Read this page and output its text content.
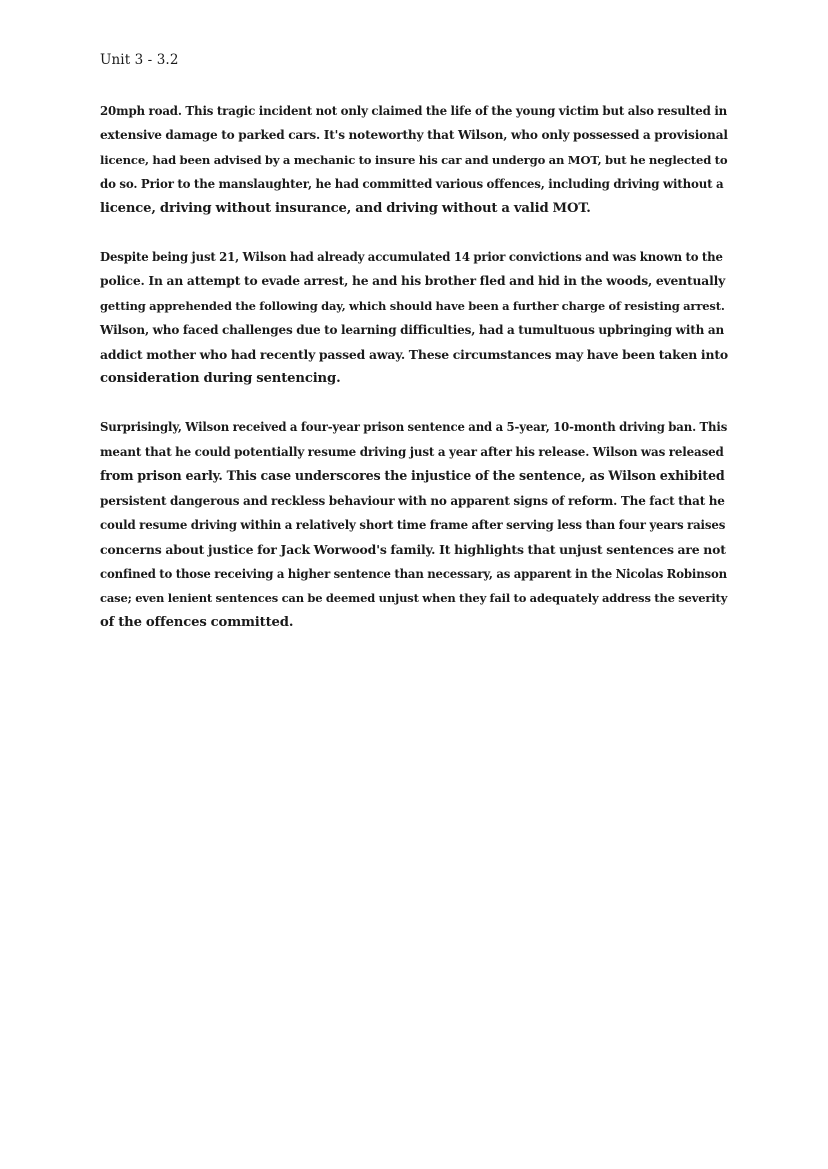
Unit 3 - 3.2

20mph road. This tragic incident not only claimed the life of the young victim but also resulted in
extensive damage to parked cars. It's noteworthy that Wilson, who only possessed a provisional
licence, had been advised by a mechanic to insure his car and undergo an MOT, but he neglected to
do so. Prior to the manslaughter, he had committed various offences, including driving without a
licence, driving without insurance, and driving without a valid MOT.

Despite being just 21, Wilson had already accumulated 14 prior convictions and was known to the
police. In an attempt to evade arrest, he and his brother fled and hid in the woods, eventually
getting apprehended the following day, which should have been a further charge of resisting arrest.
Wilson, who faced challenges due to learning difficulties, had a tumultuous upbringing with an
addict mother who had recently passed away. These circumstances may have been taken into
consideration during sentencing.

Surprisingly, Wilson received a four-year prison sentence and a 5-year, 10-month driving ban. This
meant that he could potentially resume driving just a year after his release. Wilson was released
from prison early. This case underscores the injustice of the sentence, as Wilson exhibited
persistent dangerous and reckless behaviour with no apparent signs of reform. The fact that he
could resume driving within a relatively short time frame after serving less than four years raises
concerns about justice for Jack Worwood's family. It highlights that unjust sentences are not
confined to those receiving a higher sentence than necessary, as apparent in the Nicolas Robinson
case; even lenient sentences can be deemed unjust when they fail to adequately address the severity
of the offences committed.
